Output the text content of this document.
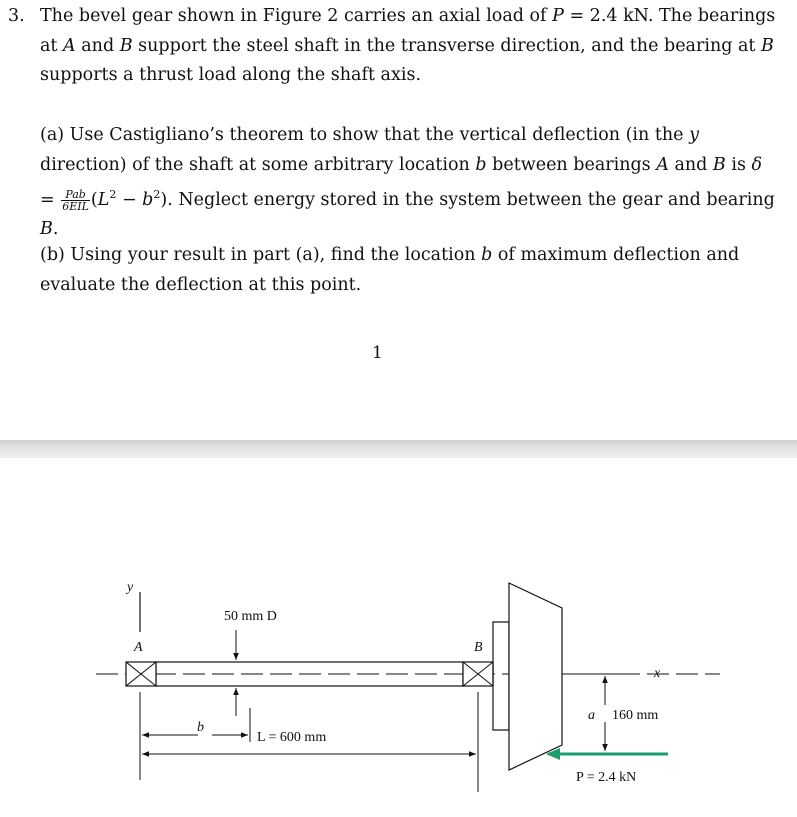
3. The bevel gear shown in Figure 2 carries an axial load of P = 2.4 kN. The bearings at A and B support the steel shaft in the transverse direction, and the bearing at B supports a thrust load along the shaft axis.

(a) Use Castigliano’s theorem to show that the vertical deflection (in the y direction) of the shaft at some arbitrary location b between bearings A and B is $\delta = \frac{\text{Pab}}{\text{6EIL}} (L^2 - b^2)$. Neglect energy stored in the system between the gear and bearing B.

(b) Using your result in part (a), find the location b of maximum deflection and evaluate the deflection at this point.

1
y
A
x
B
50 mm D
a 160 mm
P = 2.4 kN
b
L = 600 mm
